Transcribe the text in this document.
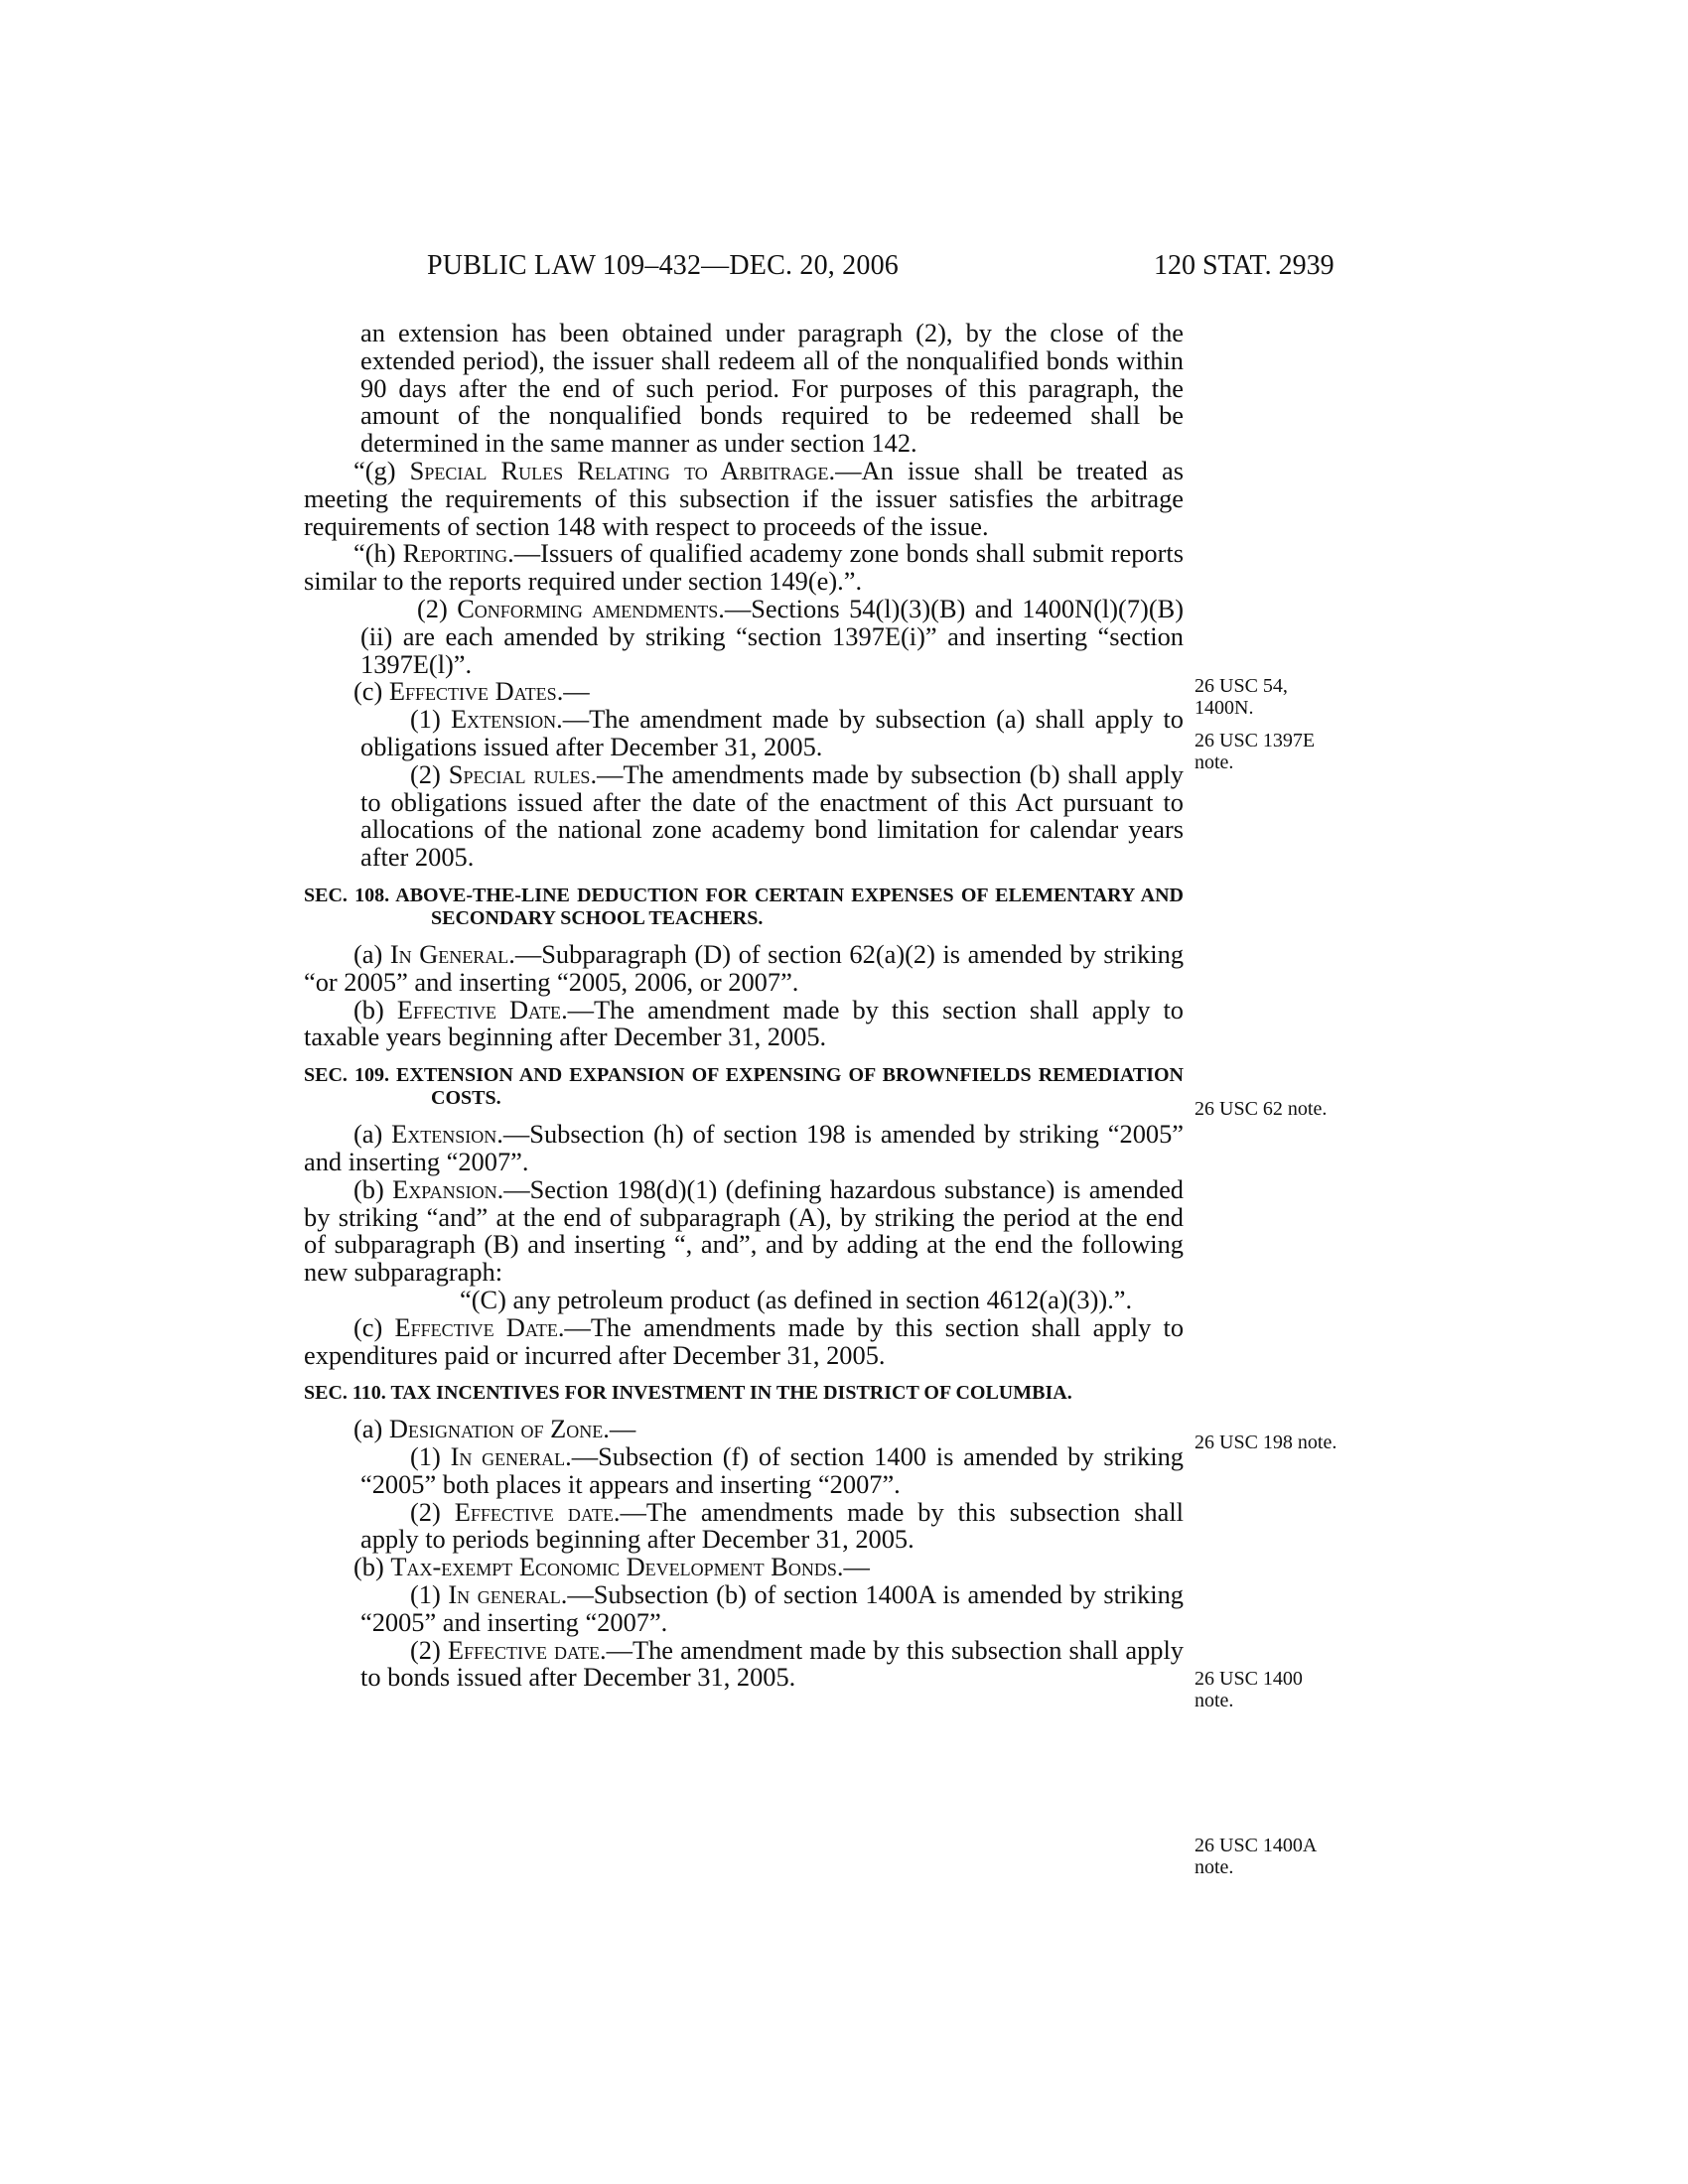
PUBLIC LAW 109–432—DEC. 20, 2006	120 STAT. 2939

an extension has been obtained under paragraph (2), by the close of the extended period), the issuer shall redeem all of the nonqualified bonds within 90 days after the end of such period. For purposes of this paragraph, the amount of the nonqualified bonds required to be redeemed shall be determined in the same manner as under section 142.

“(g) Special Rules Relating to Arbitrage.—An issue shall be treated as meeting the requirements of this subsection if the issuer satisfies the arbitrage requirements of section 148 with respect to proceeds of the issue.

“(h) Reporting.—Issuers of qualified academy zone bonds shall submit reports similar to the reports required under section 149(e).”.

(2) Conforming amendments.—Sections 54(l)(3)(B) and 1400N(l)(7)(B)(ii) are each amended by striking “section 1397E(i)” and inserting “section 1397E(l)”.

(c) Effective Dates.—

(1) Extension.—The amendment made by subsection (a) shall apply to obligations issued after December 31, 2005.

(2) Special rules.—The amendments made by subsection (b) shall apply to obligations issued after the date of the enactment of this Act pursuant to allocations of the national zone academy bond limitation for calendar years after 2005.

SEC. 108. ABOVE-THE-LINE DEDUCTION FOR CERTAIN EXPENSES OF ELEMENTARY AND SECONDARY SCHOOL TEACHERS.

(a) In General.—Subparagraph (D) of section 62(a)(2) is amended by striking “or 2005” and inserting “2005, 2006, or 2007”.

(b) Effective Date.—The amendment made by this section shall apply to taxable years beginning after December 31, 2005.

SEC. 109. EXTENSION AND EXPANSION OF EXPENSING OF BROWNFIELDS REMEDIATION COSTS.

(a) Extension.—Subsection (h) of section 198 is amended by striking “2005” and inserting “2007”.

(b) Expansion.—Section 198(d)(1) (defining hazardous substance) is amended by striking “and” at the end of subparagraph (A), by striking the period at the end of subparagraph (B) and inserting “, and”, and by adding at the end the following new subparagraph:

“(C) any petroleum product (as defined in section 4612(a)(3)).”.

(c) Effective Date.—The amendments made by this section shall apply to expenditures paid or incurred after December 31, 2005.

SEC. 110. TAX INCENTIVES FOR INVESTMENT IN THE DISTRICT OF COLUMBIA.

(a) Designation of Zone.—

(1) In general.—Subsection (f) of section 1400 is amended by striking “2005” both places it appears and inserting “2007”.

(2) Effective date.—The amendments made by this subsection shall apply to periods beginning after December 31, 2005.

(b) Tax-exempt Economic Development Bonds.—

(1) In general.—Subsection (b) of section 1400A is amended by striking “2005” and inserting “2007”.

(2) Effective date.—The amendment made by this subsection shall apply to bonds issued after December 31, 2005.

26 USC 54, 1400N.
26 USC 1397E note.
26 USC 62 note.
26 USC 198 note.
26 USC 1400 note.
26 USC 1400A note.
